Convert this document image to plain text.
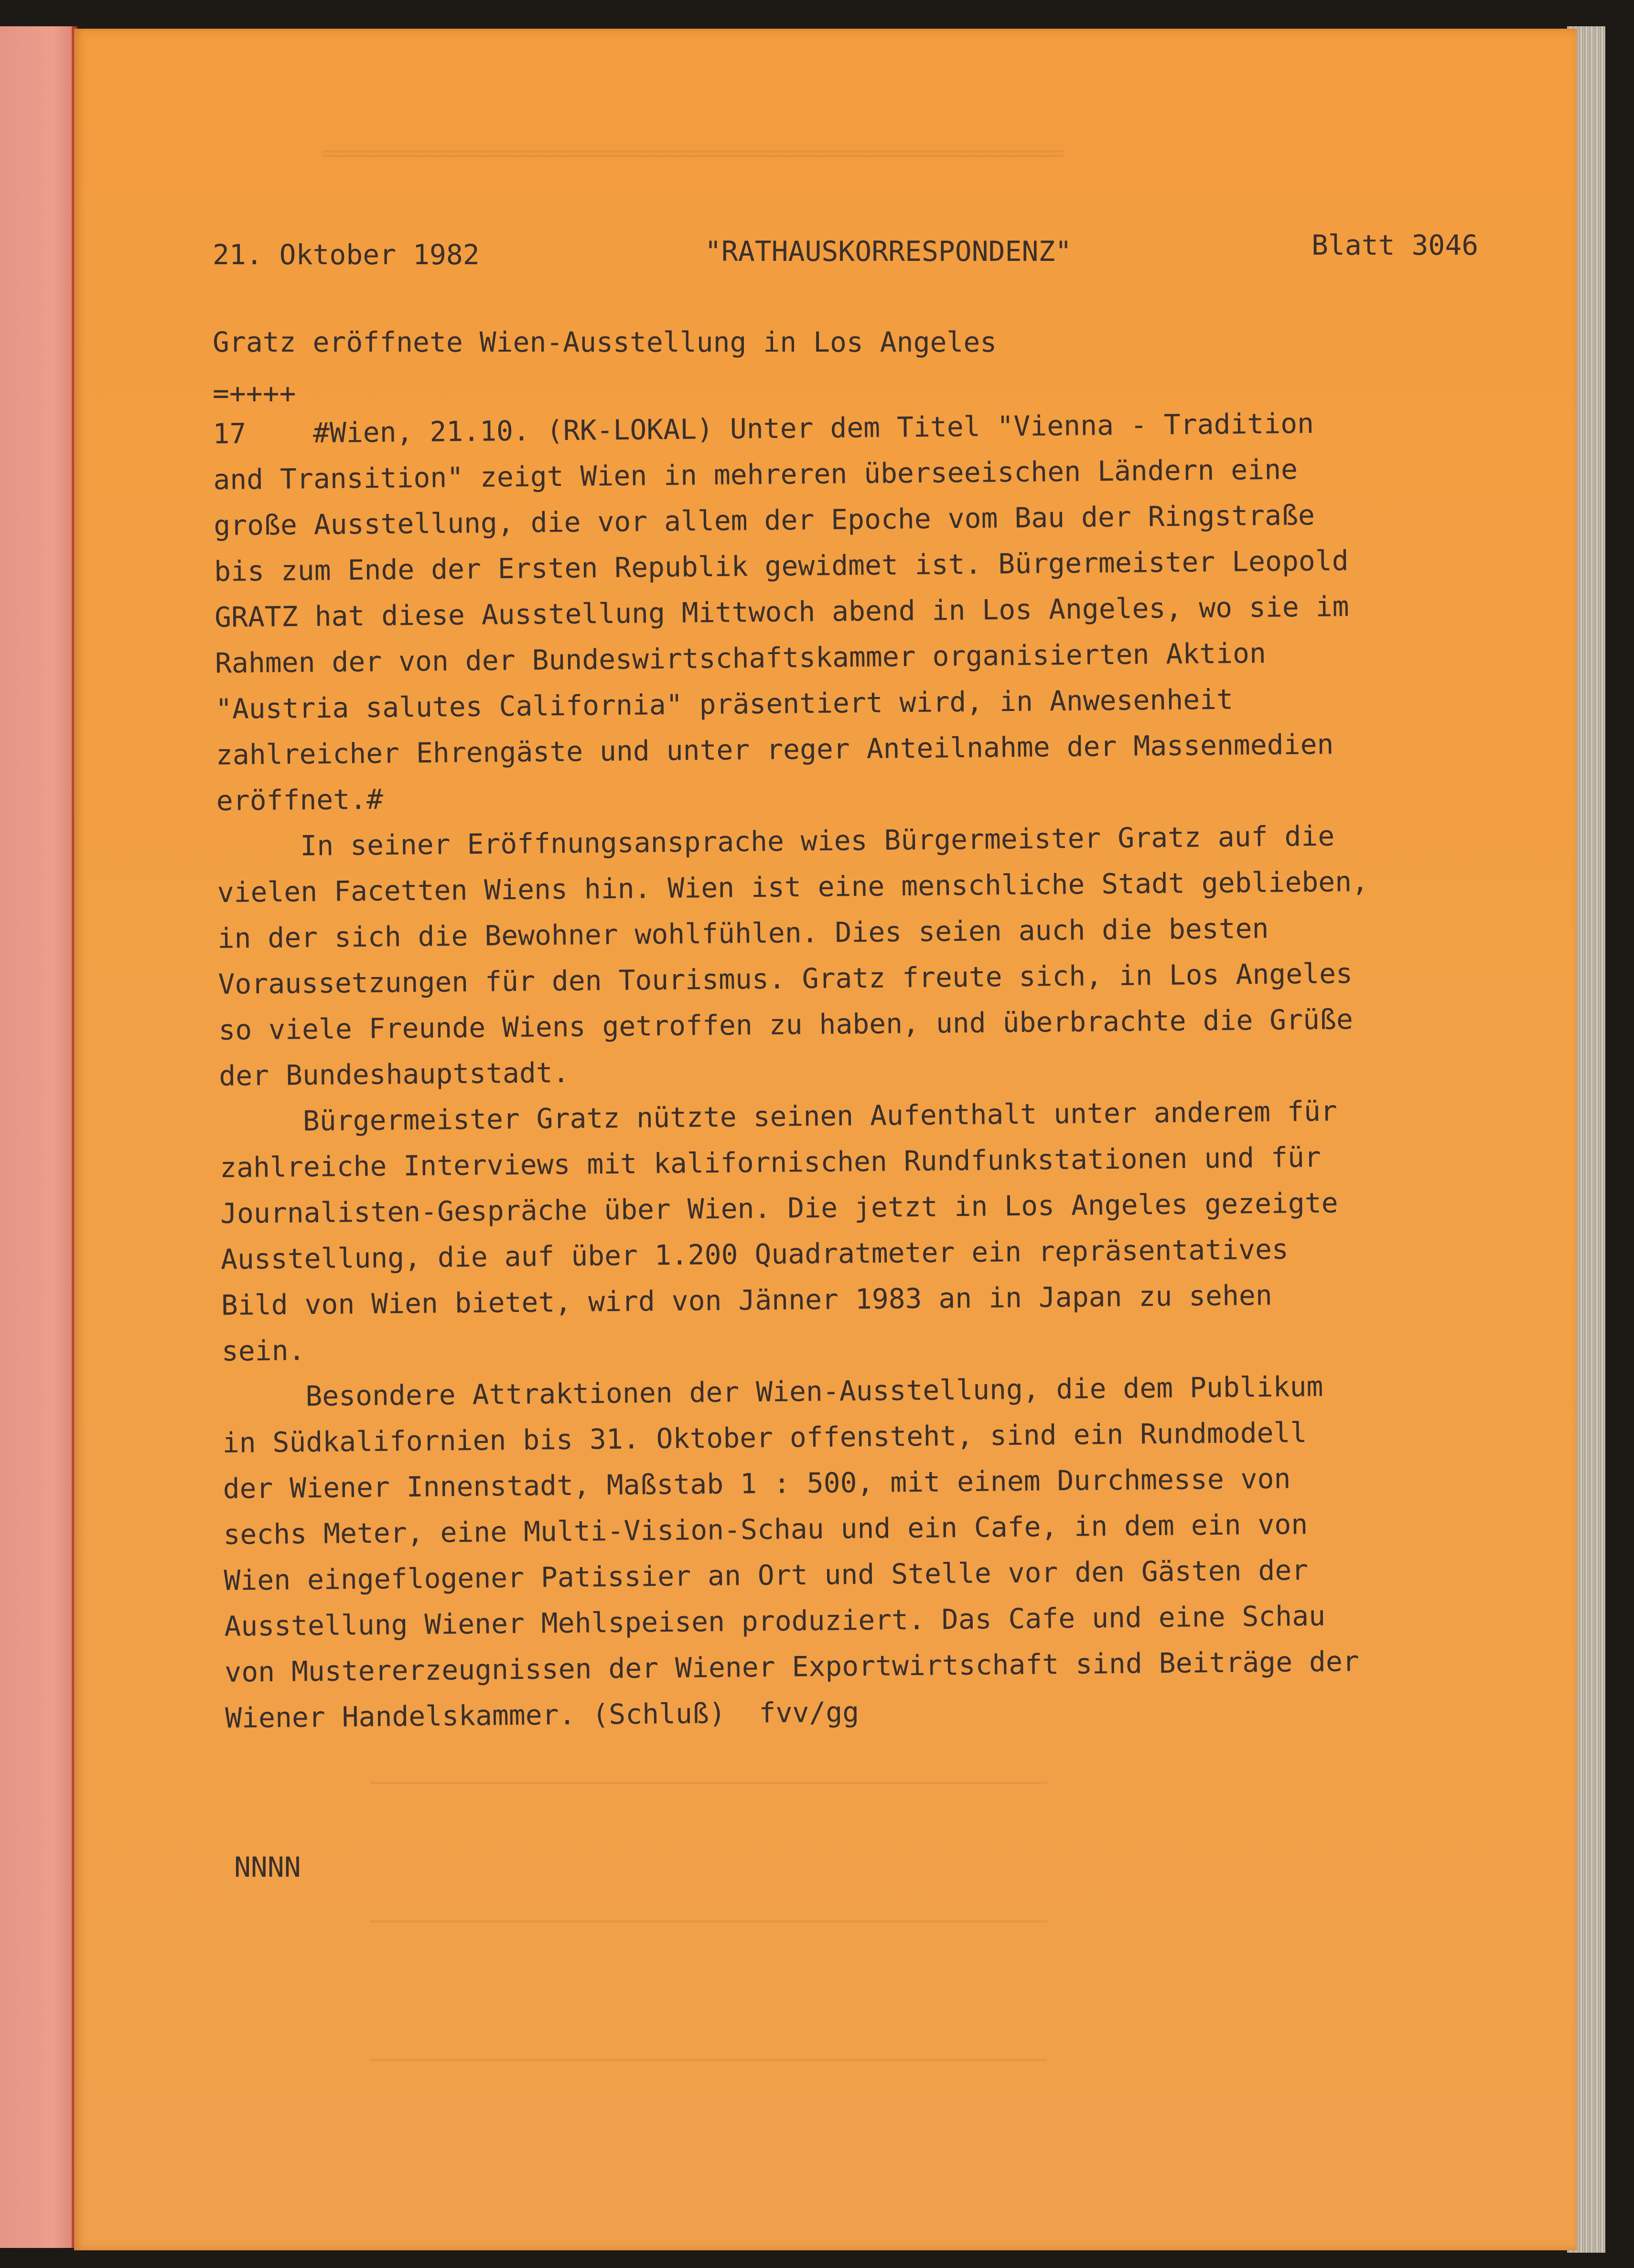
══════════════════════════════════════════════
──────────────────────────────────────────
──────────────────────────────────────────
──────────────────────────────────────────
21. Oktober 1982	"RATHAUSKORRESPONDENZ"	Blatt 3046
Gratz eröffnete Wien-Ausstellung in Los Angeles
=++++

17    #Wien, 21.10. (RK-LOKAL) Unter dem Titel "Vienna - Tradition

and Transition" zeigt Wien in mehreren überseeischen Ländern eine

große Ausstellung, die vor allem der Epoche vom Bau der Ringstraße

bis zum Ende der Ersten Republik gewidmet ist. Bürgermeister Leopold

GRATZ hat diese Ausstellung Mittwoch abend in Los Angeles, wo sie im

Rahmen der von der Bundeswirtschaftskammer organisierten Aktion

"Austria salutes California" präsentiert wird, in Anwesenheit

zahlreicher Ehrengäste und unter reger Anteilnahme der Massenmedien

eröffnet.#

In seiner Eröffnungsansprache wies Bürgermeister Gratz auf die

vielen Facetten Wiens hin. Wien ist eine menschliche Stadt geblieben,

in der sich die Bewohner wohlfühlen. Dies seien auch die besten

Voraussetzungen für den Tourismus. Gratz freute sich, in Los Angeles

so viele Freunde Wiens getroffen zu haben, und überbrachte die Grüße

der Bundeshauptstadt.

Bürgermeister Gratz nützte seinen Aufenthalt unter anderem für

zahlreiche Interviews mit kalifornischen Rundfunkstationen und für

Journalisten-Gespräche über Wien. Die jetzt in Los Angeles gezeigte

Ausstellung, die auf über 1.200 Quadratmeter ein repräsentatives

Bild von Wien bietet, wird von Jänner 1983 an in Japan zu sehen

sein.

Besondere Attraktionen der Wien-Ausstellung, die dem Publikum

in Südkalifornien bis 31. Oktober offensteht, sind ein Rundmodell

der Wiener Innenstadt, Maßstab 1 : 500, mit einem Durchmesse von

sechs Meter, eine Multi-Vision-Schau und ein Cafe, in dem ein von

Wien eingeflogener Patissier an Ort und Stelle vor den Gästen der

Ausstellung Wiener Mehlspeisen produziert. Das Cafe und eine Schau

von Mustererzeugnissen der Wiener Exportwirtschaft sind Beiträge der

Wiener Handelskammer. (Schluß)  fvv/gg

NNNN
